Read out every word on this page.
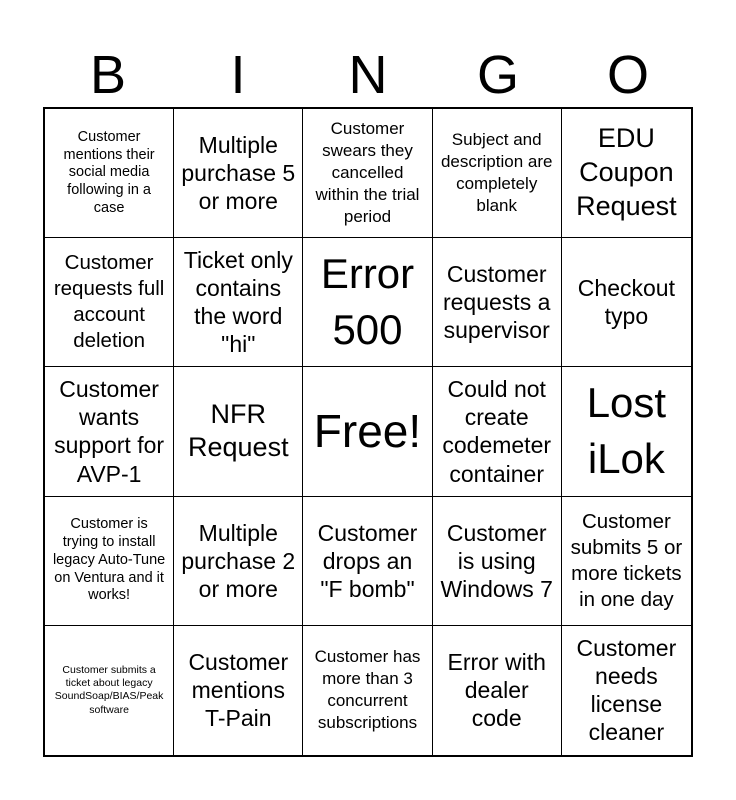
B	I	N	G	O
Customer mentions their social media following in a case
Multiple purchase 5 or more
Customer swears they cancelled within the trial period
Subject and description are completely blank
EDU Coupon Request
Customer requests full account deletion
Ticket only contains the word "hi"
Error 500
Customer requests a supervisor
Checkout typo
Customer wants support for AVP-1
NFR Request Free!
Could not create codemeter container
Lost iLok
Customer is trying to install legacy Auto-Tune on Ventura and it works!
Multiple purchase 2 or more
Customer drops an "F bomb"
Customer is using Windows 7
Customer submits 5 or more tickets in one day
Customer submits a ticket about legacy SoundSoap/BIAS/Peak software
Customer mentions T-Pain
Customer has more than 3 concurrent subscriptions
Error with dealer code
Customer needs license cleaner
